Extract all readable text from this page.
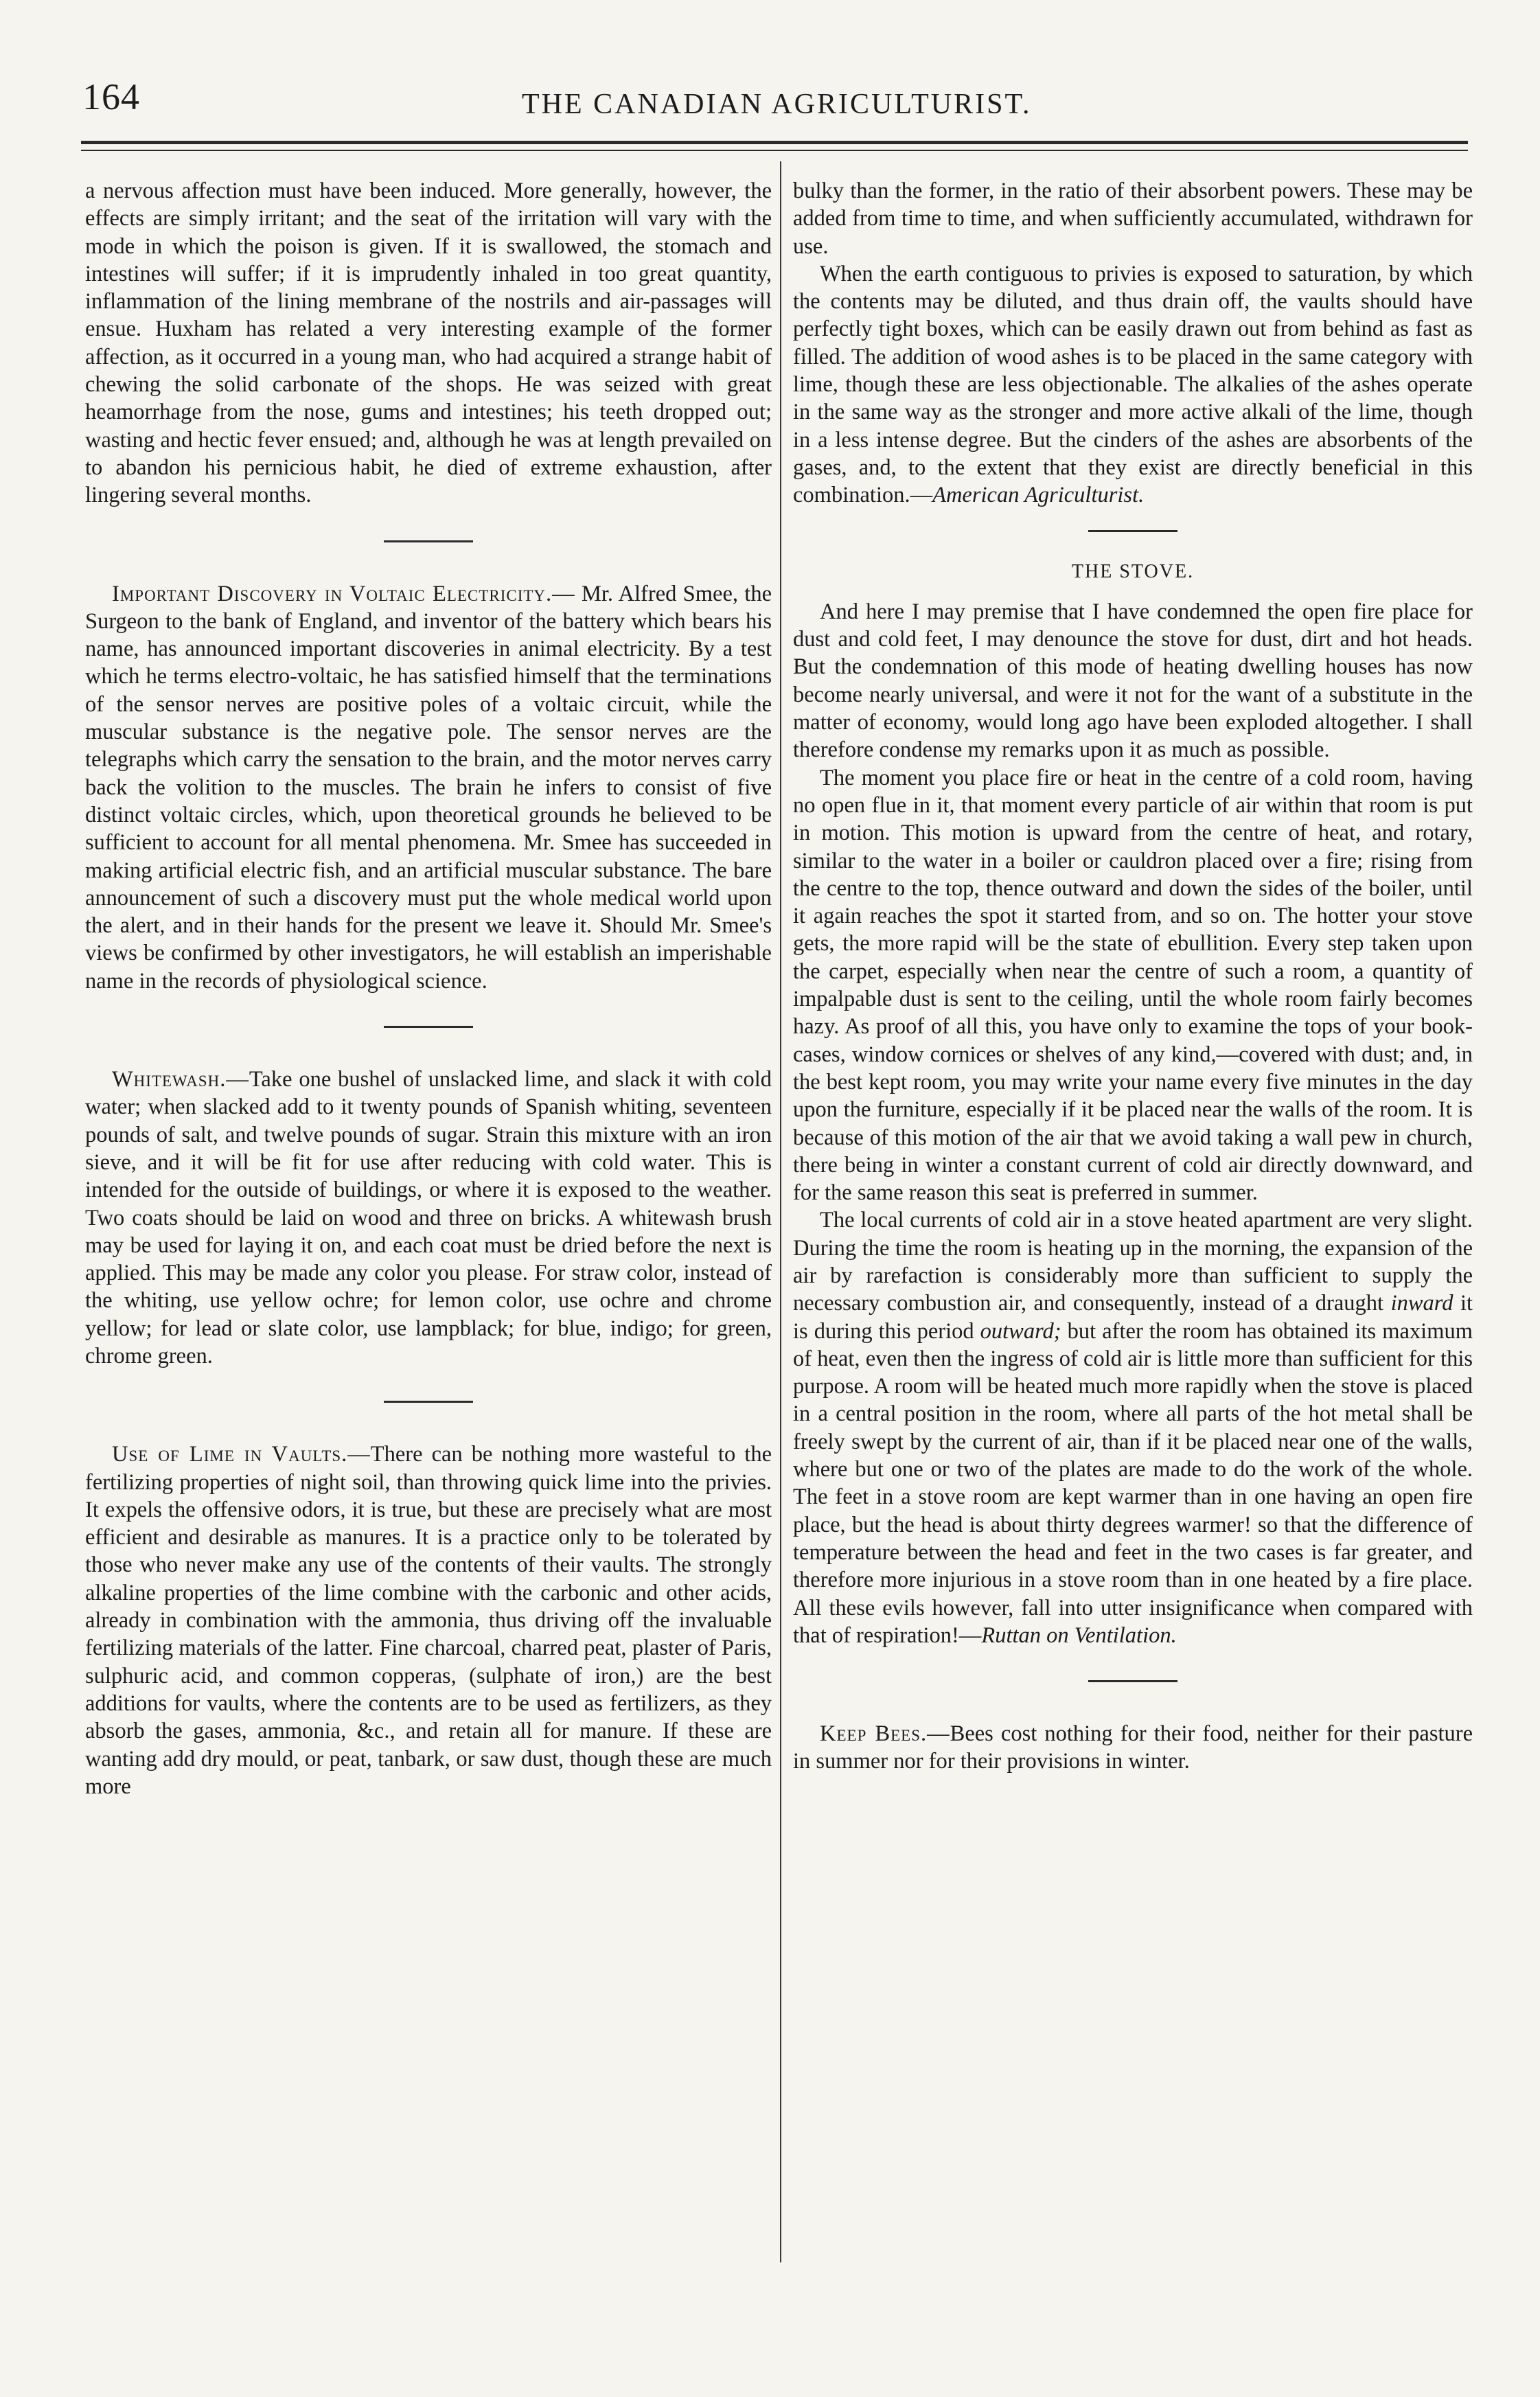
164	THE CANADIAN AGRICULTURIST.

a nervous affection must have been induced. More generally, however, the effects are simply irritant; and the seat of the irritation will vary with the mode in which the poison is given. If it is swallowed, the stomach and intestines will suffer; if it is imprudently inhaled in too great quantity, inflammation of the lining membrane of the nostrils and air-passages will ensue. Huxham has related a very interesting example of the former affection, as it occurred in a young man, who had acquired a strange habit of chewing the solid carbonate of the shops. He was seized with great heamorrhage from the nose, gums and intestines; his teeth dropped out; wasting and hectic fever ensued; and, although he was at length prevailed on to abandon his pernicious habit, he died of extreme exhaustion, after lingering several months.

Important Discovery in Voltaic Electricity.— Mr. Alfred Smee, the Surgeon to the bank of England, and inventor of the battery which bears his name, has announced important discoveries in animal electricity. By a test which he terms electro-voltaic, he has satisfied himself that the terminations of the sensor nerves are positive poles of a voltaic circuit, while the muscular substance is the negative pole. The sensor nerves are the telegraphs which carry the sensation to the brain, and the motor nerves carry back the volition to the muscles. The brain he infers to consist of five distinct voltaic circles, which, upon theoretical grounds he believed to be sufficient to account for all mental phenomena. Mr. Smee has succeeded in making artificial electric fish, and an artificial muscular substance. The bare announcement of such a discovery must put the whole medical world upon the alert, and in their hands for the present we leave it. Should Mr. Smee's views be confirmed by other investigators, he will establish an imperishable name in the records of physiological science.

Whitewash.—Take one bushel of unslacked lime, and slack it with cold water; when slacked add to it twenty pounds of Spanish whiting, seventeen pounds of salt, and twelve pounds of sugar. Strain this mixture with an iron sieve, and it will be fit for use after reducing with cold water. This is intended for the outside of buildings, or where it is exposed to the weather. Two coats should be laid on wood and three on bricks. A whitewash brush may be used for laying it on, and each coat must be dried before the next is applied. This may be made any color you please. For straw color, instead of the whiting, use yellow ochre; for lemon color, use ochre and chrome yellow; for lead or slate color, use lampblack; for blue, indigo; for green, chrome green.

Use of Lime in Vaults.—There can be nothing more wasteful to the fertilizing properties of night soil, than throwing quick lime into the privies. It expels the offensive odors, it is true, but these are precisely what are most efficient and desirable as manures. It is a practice only to be tolerated by those who never make any use of the contents of their vaults. The strongly alkaline properties of the lime combine with the carbonic and other acids, already in combination with the ammonia, thus driving off the invaluable fertilizing materials of the latter. Fine charcoal, charred peat, plaster of Paris, sulphuric acid, and common copperas, (sulphate of iron,) are the best additions for vaults, where the contents are to be used as fertilizers, as they absorb the gases, ammonia, &c., and retain all for manure. If these are wanting add dry mould, or peat, tanbark, or saw dust, though these are much more

bulky than the former, in the ratio of their absorbent powers. These may be added from time to time, and when sufficiently accumulated, withdrawn for use.

When the earth contiguous to privies is exposed to saturation, by which the contents may be diluted, and thus drain off, the vaults should have perfectly tight boxes, which can be easily drawn out from behind as fast as filled. The addition of wood ashes is to be placed in the same category with lime, though these are less objectionable. The alkalies of the ashes operate in the same way as the stronger and more active alkali of the lime, though in a less intense degree. But the cinders of the ashes are absorbents of the gases, and, to the extent that they exist are directly beneficial in this combination.—American Agriculturist.

THE STOVE.

And here I may premise that I have condemned the open fire place for dust and cold feet, I may denounce the stove for dust, dirt and hot heads. But the condemnation of this mode of heating dwelling houses has now become nearly universal, and were it not for the want of a substitute in the matter of economy, would long ago have been exploded altogether. I shall therefore condense my remarks upon it as much as possible.

The moment you place fire or heat in the centre of a cold room, having no open flue in it, that moment every particle of air within that room is put in motion. This motion is upward from the centre of heat, and rotary, similar to the water in a boiler or cauldron placed over a fire; rising from the centre to the top, thence outward and down the sides of the boiler, until it again reaches the spot it started from, and so on. The hotter your stove gets, the more rapid will be the state of ebullition. Every step taken upon the carpet, especially when near the centre of such a room, a quantity of impalpable dust is sent to the ceiling, until the whole room fairly becomes hazy. As proof of all this, you have only to examine the tops of your book-cases, window cornices or shelves of any kind,—covered with dust; and, in the best kept room, you may write your name every five minutes in the day upon the furniture, especially if it be placed near the walls of the room. It is because of this motion of the air that we avoid taking a wall pew in church, there being in winter a constant current of cold air directly downward, and for the same reason this seat is preferred in summer.

The local currents of cold air in a stove heated apartment are very slight. During the time the room is heating up in the morning, the expansion of the air by rarefaction is considerably more than sufficient to supply the necessary combustion air, and consequently, instead of a draught inward it is during this period outward; but after the room has obtained its maximum of heat, even then the ingress of cold air is little more than sufficient for this purpose. A room will be heated much more rapidly when the stove is placed in a central position in the room, where all parts of the hot metal shall be freely swept by the current of air, than if it be placed near one of the walls, where but one or two of the plates are made to do the work of the whole. The feet in a stove room are kept warmer than in one having an open fire place, but the head is about thirty degrees warmer! so that the difference of temperature between the head and feet in the two cases is far greater, and therefore more injurious in a stove room than in one heated by a fire place. All these evils however, fall into utter insignificance when compared with that of respiration!—Ruttan on Ventilation.

Keep Bees.—Bees cost nothing for their food, neither for their pasture in summer nor for their provisions in winter.
